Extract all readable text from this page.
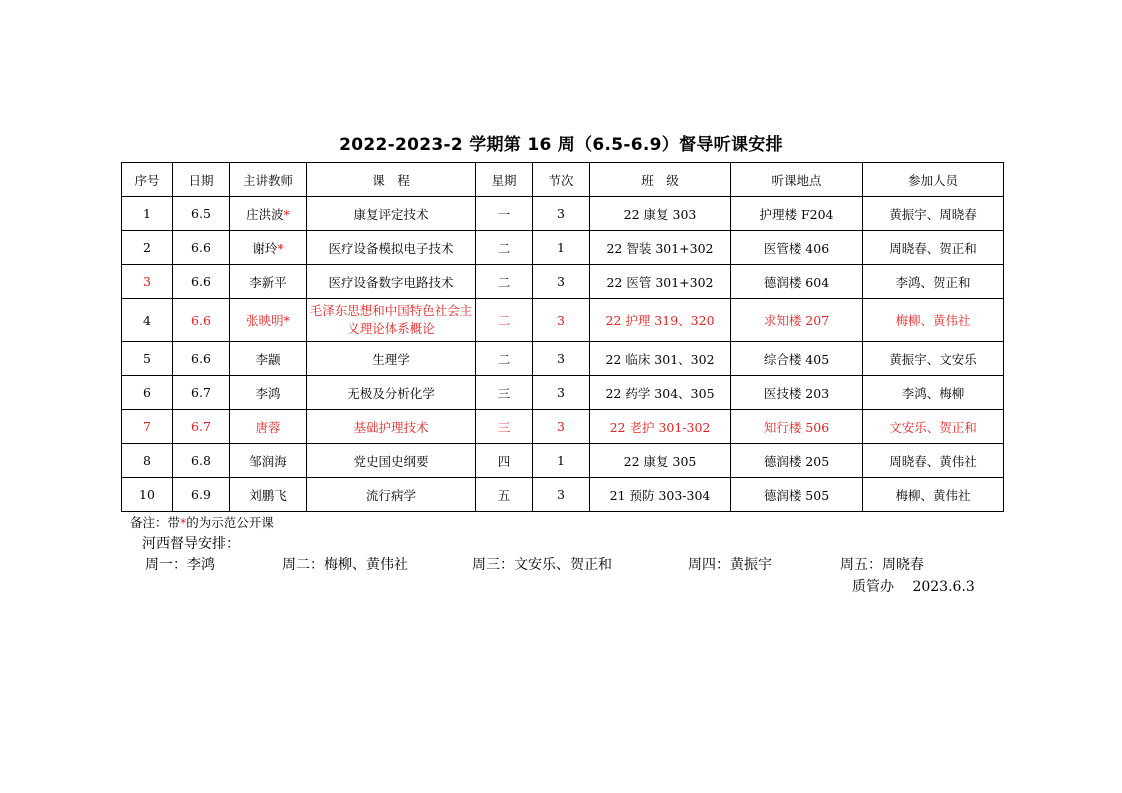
2022-2023-2 学期第 16 周（6.5-6.9）督导听课安排
序号	日期	主讲教师	课　程	星期	节次	班　级	听课地点	参加人员
1	6.5	庄洪波*	康复评定技术	一	3	22 康复 303	护理楼 F204	黄振宇、周晓春
2	6.6	谢玲*	医疗设备模拟电子技术	二	1	22 智装 301+302	医管楼 406	周晓春、贺正和
3	6.6	李新平	医疗设备数字电路技术	二	3	22 医管 301+302	德润楼 604	李鸿、贺正和
4	6.6	张映明*	毛泽东思想和中国特色社会主义理论体系概论	二	3	22 护理 319、320	求知楼 207	梅柳、黄伟社
5	6.6	李颛	生理学	二	3	22 临床 301、302	综合楼 405	黄振宇、文安乐
6	6.7	李鸿	无极及分析化学	三	3	22 药学 304、305	医技楼 203	李鸿、梅柳
7	6.7	唐蓉	基础护理技术	三	3	22 老护 301-302	知行楼 506	文安乐、贺正和
8	6.8	邹润海	党史国史纲要	四	1	22 康复 305	德润楼 205	周晓春、黄伟社
10	6.9	刘鹏飞	流行病学	五	3	21 预防 303-304	德润楼 505	梅柳、黄伟社
备注：带*的为示范公开课
河西督导安排：
周一：李鸿	周二：梅柳、黄伟社	周三：文安乐、贺正和	周四：黄振宇	周五：周晓春
质管办　 2023.6.3
